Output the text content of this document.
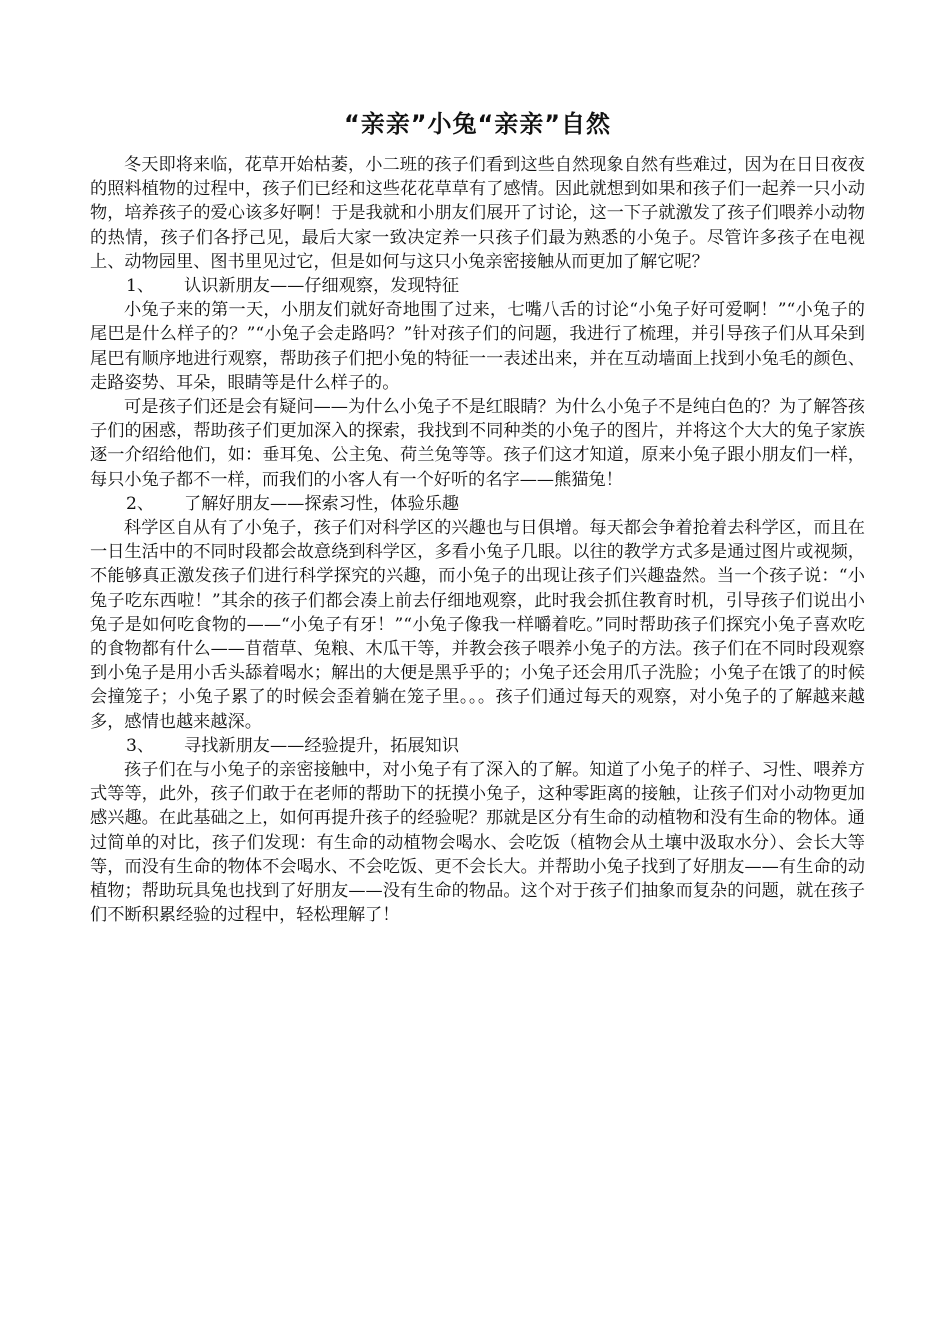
“亲亲”小兔“亲亲”自然

冬天即将来临，花草开始枯萎，小二班的孩子们看到这些自然现象自然有些难过，因为在日日夜夜的照料植物的过程中，孩子们已经和这些花花草草有了感情。因此就想到如果和孩子们一起养一只小动物，培养孩子的爱心该多好啊！于是我就和小朋友们展开了讨论，这一下子就激发了孩子们喂养小动物的热情，孩子们各抒己见，最后大家一致决定养一只孩子们最为熟悉的小兔子。尽管许多孩子在电视上、动物园里、图书里见过它，但是如何与这只小兔亲密接触从而更加了解它呢？

1、 认识新朋友——仔细观察，发现特征

小兔子来的第一天，小朋友们就好奇地围了过来，七嘴八舌的讨论“小兔子好可爱啊！”“小兔子的尾巴是什么样子的？”“小兔子会走路吗？”针对孩子们的问题，我进行了梳理，并引导孩子们从耳朵到尾巴有顺序地进行观察，帮助孩子们把小兔的特征一一表述出来，并在互动墙面上找到小兔毛的颜色、走路姿势、耳朵，眼睛等是什么样子的。

可是孩子们还是会有疑问——为什么小兔子不是红眼睛？为什么小兔子不是纯白色的？为了解答孩子们的困惑，帮助孩子们更加深入的探索，我找到不同种类的小兔子的图片，并将这个大大的兔子家族逐一介绍给他们，如：垂耳兔、公主兔、荷兰兔等等。孩子们这才知道，原来小兔子跟小朋友们一样，每只小兔子都不一样，而我们的小客人有一个好听的名字——熊猫兔！

2、 了解好朋友——探索习性，体验乐趣

科学区自从有了小兔子，孩子们对科学区的兴趣也与日俱增。每天都会争着抢着去科学区，而且在一日生活中的不同时段都会故意绕到科学区，多看小兔子几眼。以往的教学方式多是通过图片或视频，不能够真正激发孩子们进行科学探究的兴趣，而小兔子的出现让孩子们兴趣盎然。当一个孩子说：“小兔子吃东西啦！”其余的孩子们都会凑上前去仔细地观察，此时我会抓住教育时机，引导孩子们说出小兔子是如何吃食物的——“小兔子有牙！”“小兔子像我一样嚼着吃。”同时帮助孩子们探究小兔子喜欢吃的食物都有什么——苜蓿草、兔粮、木瓜干等，并教会孩子喂养小兔子的方法。孩子们在不同时段观察到小兔子是用小舌头舔着喝水；解出的大便是黑乎乎的；小兔子还会用爪子洗脸；小兔子在饿了的时候会撞笼子；小兔子累了的时候会歪着躺在笼子里。。。孩子们通过每天的观察，对小兔子的了解越来越多，感情也越来越深。

3、 寻找新朋友——经验提升，拓展知识

孩子们在与小兔子的亲密接触中，对小兔子有了深入的了解。知道了小兔子的样子、习性、喂养方式等等，此外，孩子们敢于在老师的帮助下的抚摸小兔子，这种零距离的接触，让孩子们对小动物更加感兴趣。在此基础之上，如何再提升孩子的经验呢？那就是区分有生命的动植物和没有生命的物体。通过简单的对比，孩子们发现：有生命的动植物会喝水、会吃饭（植物会从土壤中汲取水分）、会长大等等，而没有生命的物体不会喝水、不会吃饭、更不会长大。并帮助小兔子找到了好朋友——有生命的动植物；帮助玩具兔也找到了好朋友——没有生命的物品。这个对于孩子们抽象而复杂的问题，就在孩子们不断积累经验的过程中，轻松理解了！
